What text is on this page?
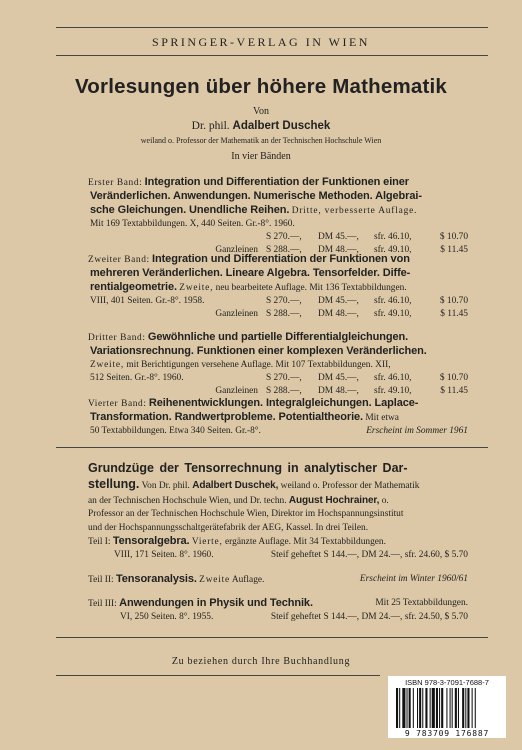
SPRINGER-VERLAG IN WIEN
Vorlesungen über höhere Mathematik
Von
Dr. phil. Adalbert Duschek
weiland o. Professor der Mathematik an der Technischen Hochschule Wien
In vier Bänden
Erster Band: Integration und Differentiation der Funktionen einer
Veränderlichen. Anwendungen. Numerische Methoden. Algebrai-
sche Gleichungen. Unendliche Reihen. Dritte, verbesserte Auflage.
Mit 169 Textabbildungen. X, 440 Seiten. Gr.-8°. 1960.
S 270.—,	DM 45.—,	sfr. 46.10,	$ 10.70
Ganzleinen S 288.—,	DM 48.—,	sfr. 49.10,	$ 11.45
Zweiter Band: Integration und Differentiation der Funktionen von
mehreren Veränderlichen. Lineare Algebra. Tensorfelder. Diffe-
rentialgeometrie. Zweite, neu bearbeitete Auflage. Mit 136 Textabbildungen.
VIII, 401 Seiten. Gr.-8°. 1958.	S 270.—,	DM 45.—,	sfr. 46.10,	$ 10.70
Ganzleinen S 288.—,	DM 48.—,	sfr. 49.10,	$ 11.45
Dritter Band: Gewöhnliche und partielle Differentialgleichungen.
Variationsrechnung. Funktionen einer komplexen Veränderlichen.
Zweite, mit Berichtigungen versehene Auflage. Mit 107 Textabbildungen. XII,
512 Seiten. Gr.-8°. 1960.	S 270.—,	DM 45.—,	sfr. 46.10,	$ 10.70
Ganzleinen S 288.—,	DM 48.—,	sfr. 49.10,	$ 11.45
Vierter Band: Reihenentwicklungen. Integralgleichungen. Laplace-
Transformation. Randwertprobleme. Potentialtheorie. Mit etwa
50 Textabbildungen. Etwa 340 Seiten. Gr.-8°.	Erscheint im Sommer 1961
Grundzüge der Tensorrechnung in analytischer Dar-
stellung. Von Dr. phil. Adalbert Duschek, weiland o. Professor der Mathematik
an der Technischen Hochschule Wien, und Dr. techn. August Hochrainer, o.
Professor an der Technischen Hochschule Wien, Direktor im Hochspannungsinstitut
und der Hochspannungsschaltgerätefabrik der AEG, Kassel. In drei Teilen.
Teil I: Tensoralgebra. Vierte, ergänzte Auflage. Mit 34 Textabbildungen.
VIII, 171 Seiten. 8°. 1960.	Steif geheftet S 144.—, DM 24.—, sfr. 24.60, $ 5.70
Teil II: Tensoranalysis. Zweite Auflage.	Erscheint im Winter 1960/61
Teil III: Anwendungen in Physik und Technik.	Mit 25 Textabbildungen.
VI, 250 Seiten. 8°. 1955.	Steif geheftet S 144.—, DM 24.—, sfr. 24.50, $ 5.70
Zu beziehen durch Ihre Buchhandlung
ISBN 978-3-7091-7688-7
9 783709 176887
